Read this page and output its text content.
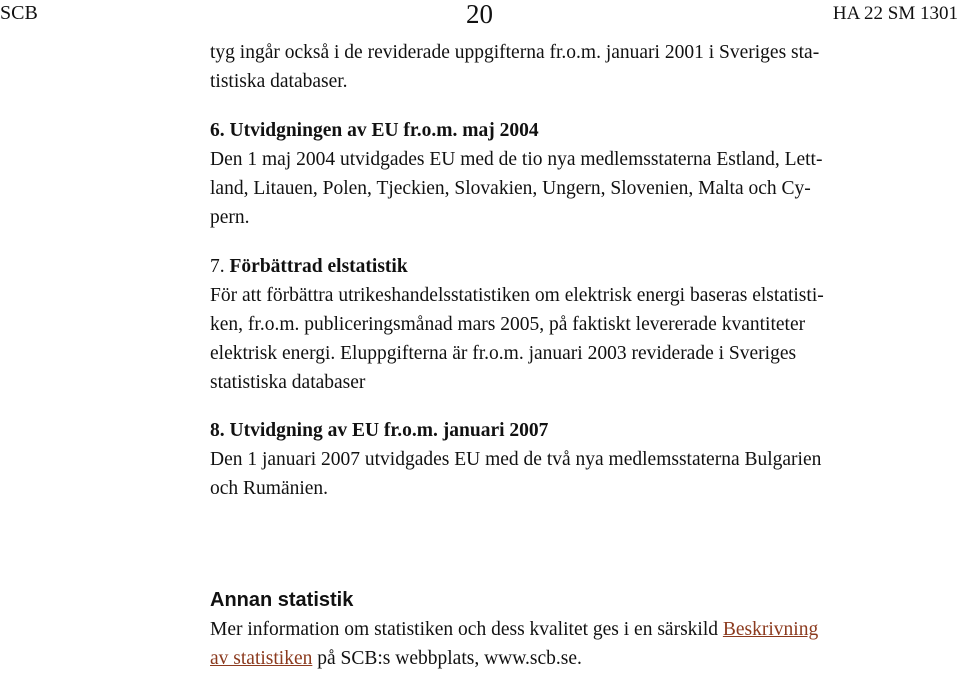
SCB	20	HA 22 SM 1301

tyg ingår också i de reviderade uppgifterna fr.o.m. januari 2001 i Sveriges sta-

tistiska databaser.

6. Utvidgningen av EU fr.o.m. maj 2004

Den 1 maj 2004 utvidgades EU med de tio nya medlemsstaterna Estland, Lett-

land, Litauen, Polen, Tjeckien, Slovakien, Ungern, Slovenien, Malta och Cy-

pern.

7. Förbättrad elstatistik

För att förbättra utrikeshandelsstatistiken om elektrisk energi baseras elstatisti-

ken, fr.o.m. publiceringsmånad mars 2005, på faktiskt levererade kvantiteter

elektrisk energi. Eluppgifterna är fr.o.m. januari 2003 reviderade i Sveriges

statistiska databaser

8. Utvidgning av EU fr.o.m. januari 2007

Den 1 januari 2007 utvidgades EU med de två nya medlemsstaterna Bulgarien

och Rumänien.

Annan statistik

Mer information om statistiken och dess kvalitet ges i en särskild Beskrivning

av statistiken på SCB:s webbplats, www.scb.se.
